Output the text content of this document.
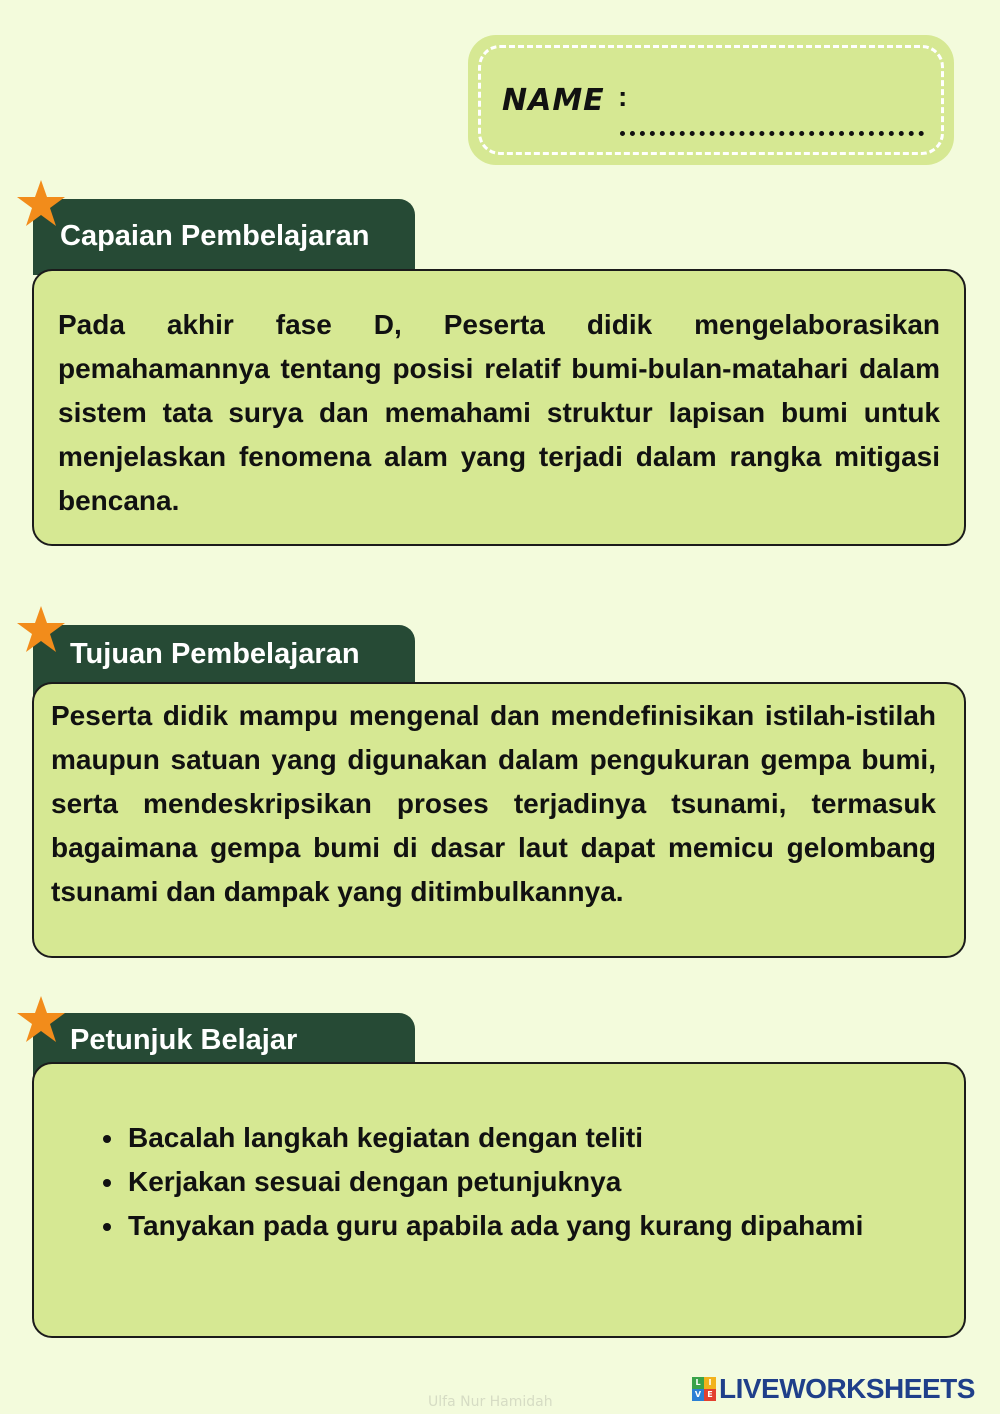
NAME :
Capaian Pembelajaran

Pada akhir fase D, Peserta didik mengelaborasikan pemahamannya tentang posisi relatif bumi-bulan-matahari dalam sistem tata surya dan memahami struktur lapisan bumi untuk menjelaskan fenomena alam yang terjadi dalam rangka mitigasi bencana.

Tujuan Pembelajaran

Peserta didik mampu mengenal dan mendefinisikan istilah-istilah maupun satuan yang digunakan dalam pengukuran gempa bumi, serta mendeskripsikan proses terjadinya tsunami, termasuk bagaimana gempa bumi di dasar laut dapat memicu gelombang tsunami dan dampak yang ditimbulkannya.

Petunjuk Belajar
• Bacalah langkah kegiatan dengan teliti
• Kerjakan sesuai dengan petunjuknya
• Tanyakan pada guru apabila ada yang kurang dipahami
Ulfa Nur Hamidah
L I
V E LIVEWORKSHEETS
